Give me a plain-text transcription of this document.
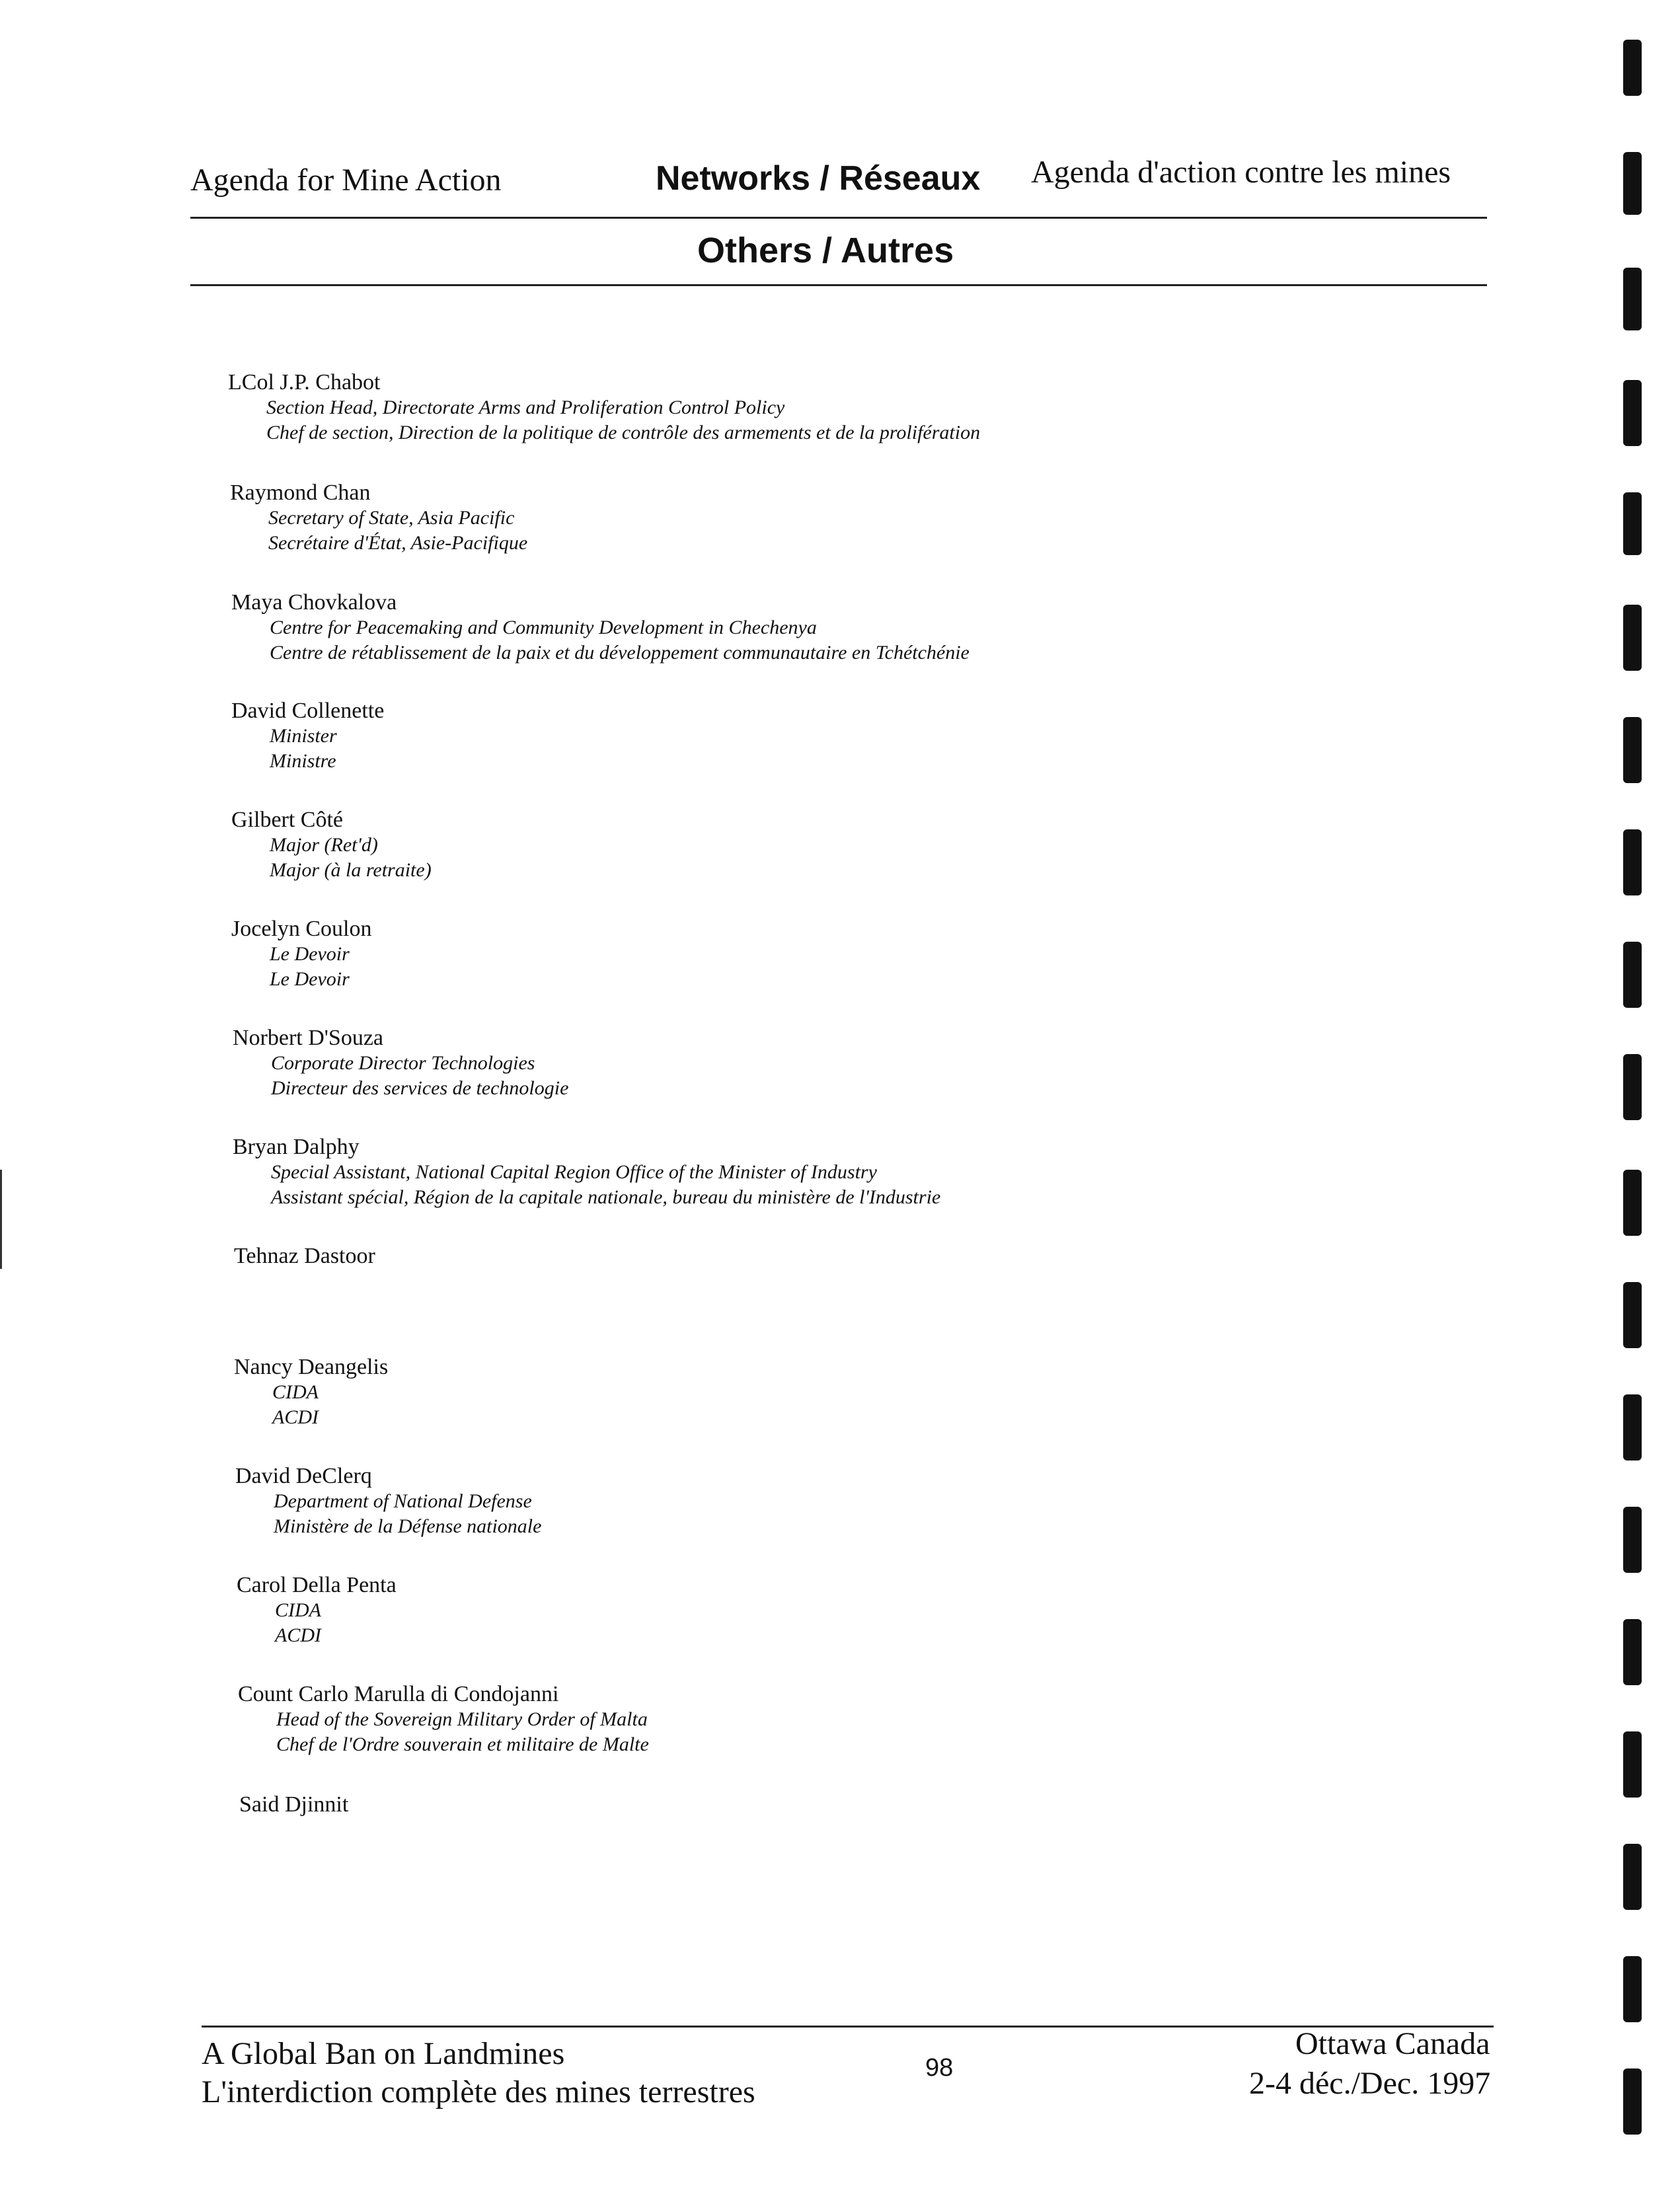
Agenda for Mine Action	Networks / Réseaux Agenda d'action contre les mines
Others / Autres
LCol J.P. Chabot
Section Head, Directorate Arms and Proliferation Control Policy
Chef de section, Direction de la politique de contrôle des armements et de la prolifération
Raymond Chan
Secretary of State, Asia Pacific
Secrétaire d'État, Asie-Pacifique
Maya Chovkalova
Centre for Peacemaking and Community Development in Chechenya
Centre de rétablissement de la paix et du développement communautaire en Tchétchénie
David Collenette
Minister
Ministre
Gilbert Côté
Major (Ret'd)
Major (à la retraite)
Jocelyn Coulon
Le Devoir
Le Devoir
Norbert D'Souza
Corporate Director Technologies
Directeur des services de technologie
Bryan Dalphy
Special Assistant, National Capital Region Office of the Minister of Industry
Assistant spécial, Région de la capitale nationale, bureau du ministère de l'Industrie
Tehnaz Dastoor
Nancy Deangelis
CIDA
ACDI
David DeClerq
Department of National Defense
Ministère de la Défense nationale
Carol Della Penta
CIDA
ACDI
Count Carlo Marulla di Condojanni
Head of the Sovereign Military Order of Malta
Chef de l'Ordre souverain et militaire de Malte
Said Djinnit
A Global Ban on Landmines
L'interdiction complète des mines terrestres
98
Ottawa Canada
2-4 déc./Dec. 1997
